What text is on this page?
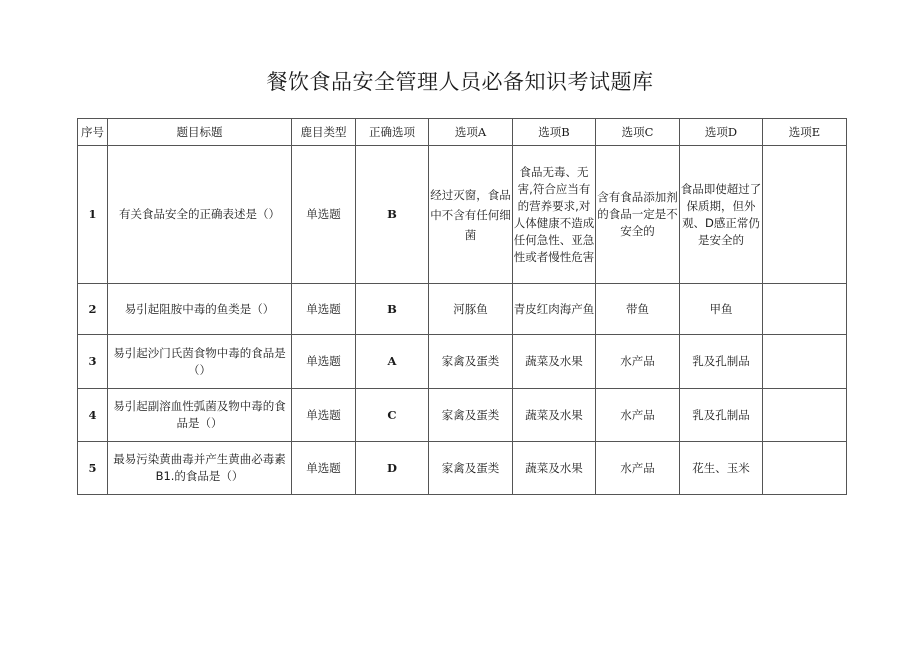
餐饮食品安全管理人员必备知识考试题库
序号	题目标题	鹿目类型	正确选项	选项A	选项B	选项C	选项D	选项E
1	有关食品安全的正确表述是（）	单选题	B	经过灭窗，食品中不含有任何细菌	食品无毒、无害,符合应当有的营养要求,对人体健康不造成任何急性、亚急性或者慢性危害	含有食品添加剂的食品一定是不安全的	食品即使超过了保质期，但外观、D感正常仍是安全的	
2	易引起阻胺中毒的鱼类是（）	单选题	B	河豚鱼	青皮红肉海产鱼	带鱼	甲鱼	
3	易引起沙门氏茵食物中毒的食品是（）	单选题	A	家禽及蛋类	蔬菜及水果	水产品	乳及孔制品	
4	易引起副溶血性弧菌及物中毒的食品是（）	单选题	C	家禽及蛋类	蔬菜及水果	水产品	乳及孔制品	
5	最易污染黄曲毒并产生黄曲必毒素B1.的食品是（）	单选题	D	家禽及蛋类	蔬菜及水果	水产品	花生、玉米	
